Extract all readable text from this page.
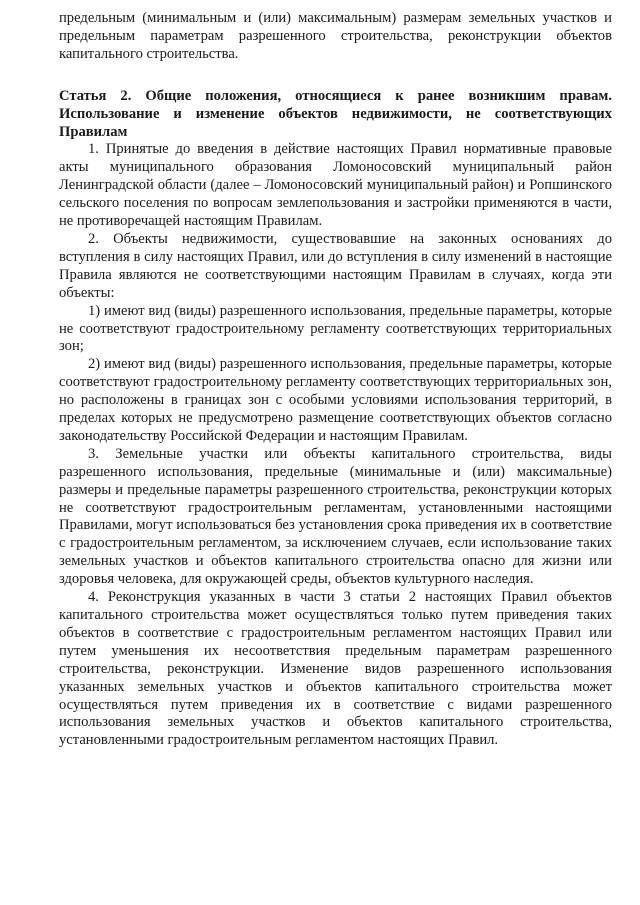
предельным (минимальным и (или) максимальным) размерам земельных участков и предельным параметрам разрешенного строительства, реконструкции объектов капитального строительства.

Статья 2. Общие положения, относящиеся к ранее возникшим правам. Использование и изменение объектов недвижимости, не соответствующих Правилам

1. Принятые до введения в действие настоящих Правил нормативные правовые акты муниципального образования Ломоносовский муниципальный район Ленинградской области (далее – Ломоносовский муниципальный район) и Ропшинского сельского поселения по вопросам землепользования и застройки применяются в части, не противоречащей настоящим Правилам.

2. Объекты недвижимости, существовавшие на законных основаниях до вступления в силу настоящих Правил, или до вступления в силу изменений в настоящие Правила являются не соответствующими настоящим Правилам в случаях, когда эти объекты:

1) имеют вид (виды) разрешенного использования, предельные параметры, которые не соответствуют градостроительному регламенту соответствующих территориальных зон;

2) имеют вид (виды) разрешенного использования, предельные параметры, которые соответствуют градостроительному регламенту соответствующих территориальных зон, но расположены в границах зон с особыми условиями использования территорий, в пределах которых не предусмотрено размещение соответствующих объектов согласно законодательству Российской Федерации и настоящим Правилам.

3. Земельные участки или объекты капитального строительства, виды разрешенного использования, предельные (минимальные и (или) максимальные) размеры и предельные параметры разрешенного строительства, реконструкции которых не соответствуют градостроительным регламентам, установленными настоящими Правилами, могут использоваться без установления срока приведения их в соответствие с градостроительным регламентом, за исключением случаев, если использование таких земельных участков и объектов капитального строительства опасно для жизни или здоровья человека, для окружающей среды, объектов культурного наследия.

4. Реконструкция указанных в части 3 статьи 2 настоящих Правил объектов капитального строительства может осуществляться только путем приведения таких объектов в соответствие с градостроительным регламентом настоящих Правил или путем уменьшения их несоответствия предельным параметрам разрешенного строительства, реконструкции. Изменение видов разрешенного использования указанных земельных участков и объектов капитального строительства может осуществляться путем приведения их в соответствие с видами разрешенного использования земельных участков и объектов капитального строительства, установленными градостроительным регламентом настоящих Правил.
